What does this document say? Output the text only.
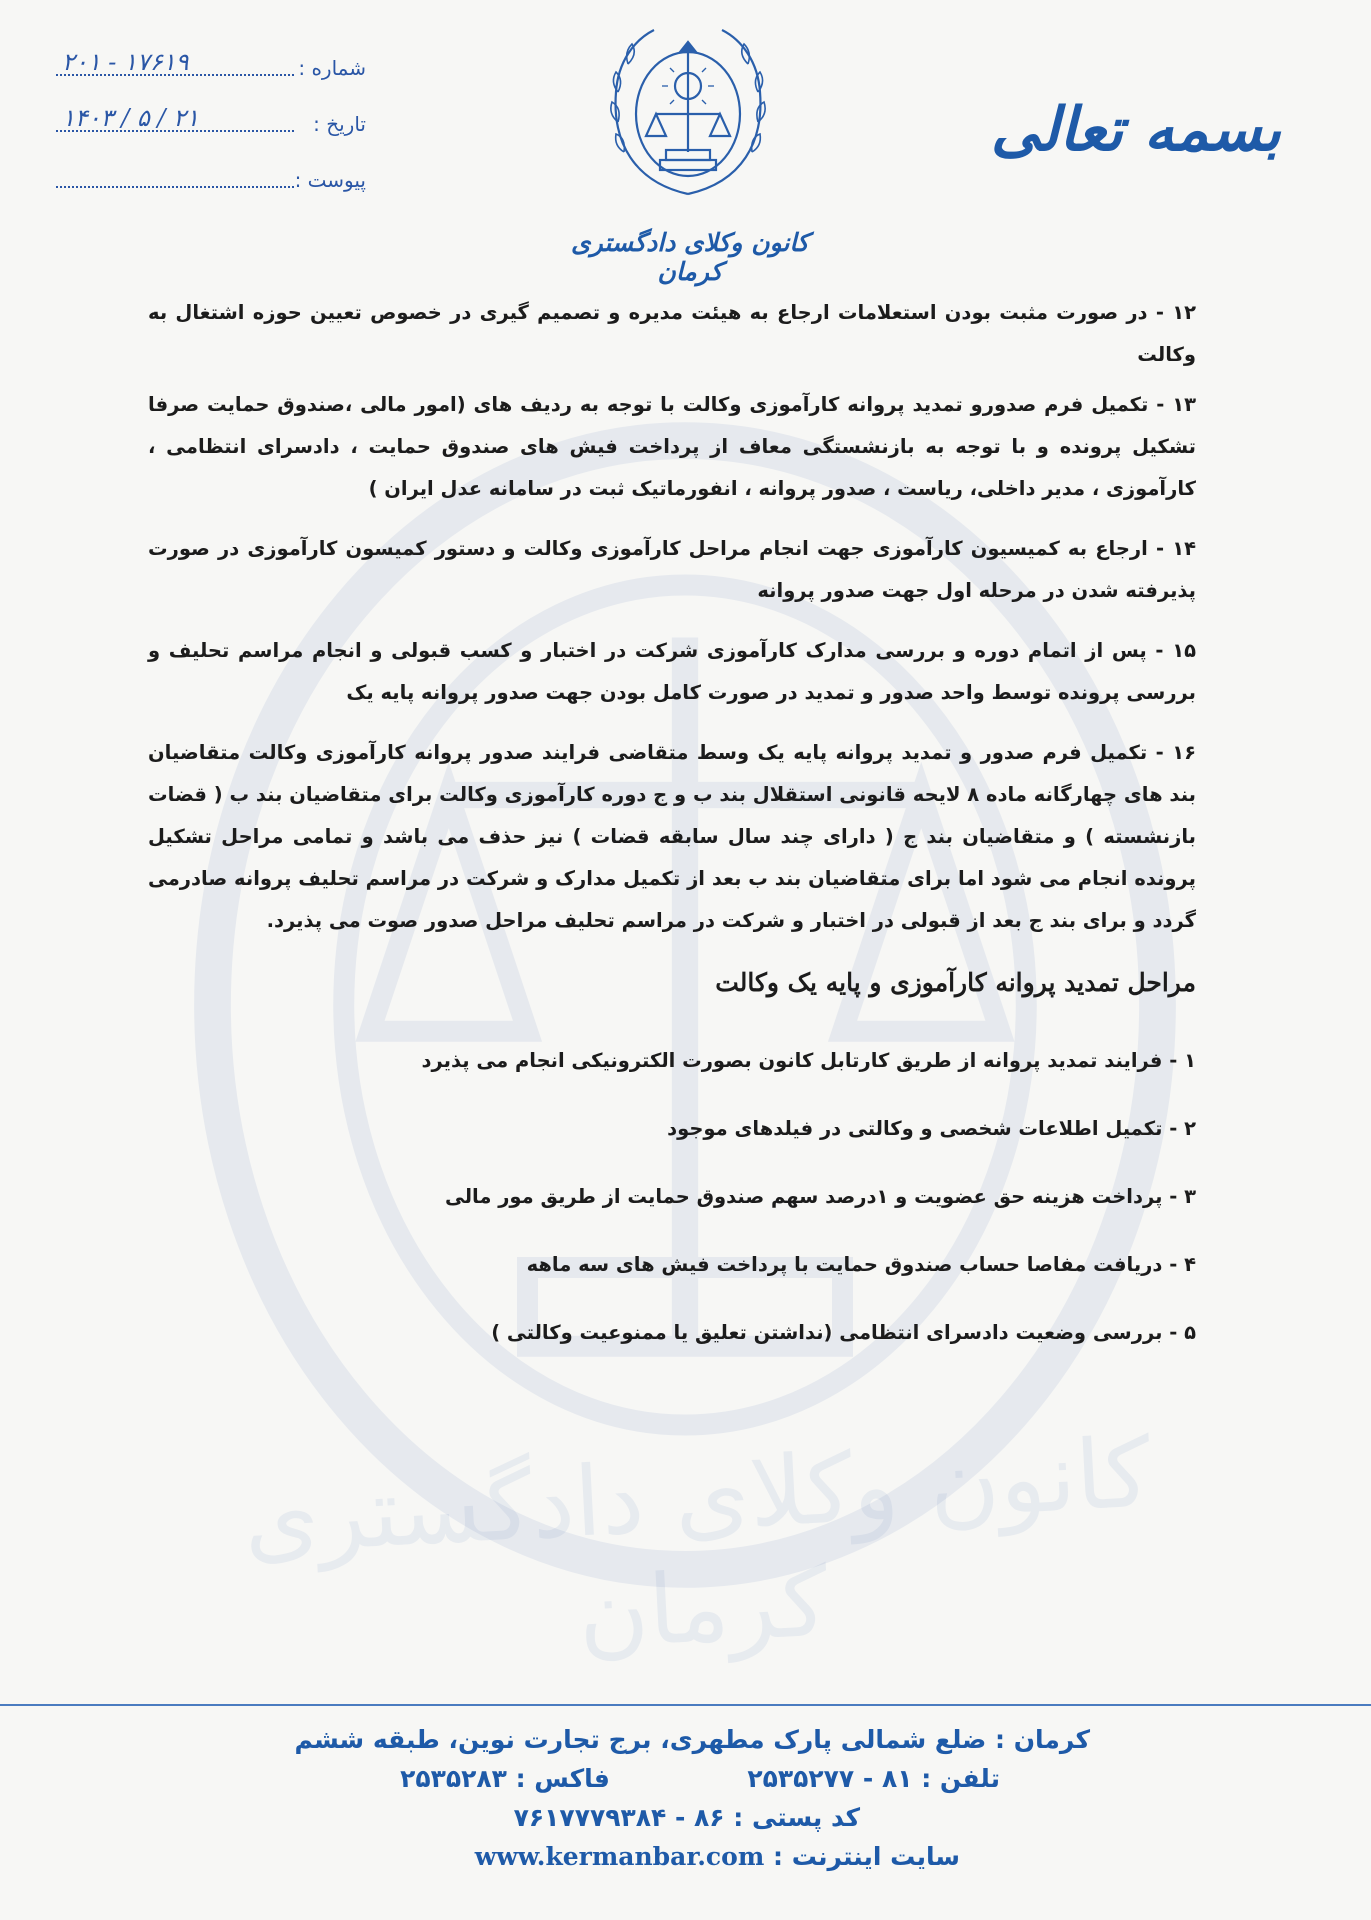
کانون وکلای دادگستری کرمان
بسمه تعالی
کانون وکلای دادگستری کرمان
شماره :
۲۰۱ - ۱۷۶۱۹
تاریخ :
۱۴۰۳ / ۵ / ۲۱
پیوست :

۱۲ - در صورت مثبت بودن استعلامات ارجاع به هیئت مدیره و تصمیم گیری در خصوص تعیین حوزه اشتغال به وکالت

۱۳ - تکمیل فرم صدورو تمدید پروانه کارآموزی وکالت با توجه به ردیف های (امور مالی ،صندوق حمایت صرفا تشکیل پرونده و با توجه به بازنشستگی معاف از پرداخت فیش های صندوق حمایت ، دادسرای انتظامی ، کارآموزی ، مدیر داخلی، ریاست ، صدور پروانه ، انفورماتیک ثبت در سامانه عدل ایران )

۱۴ - ارجاع به کمیسیون کارآموزی جهت انجام مراحل کارآموزی وکالت و دستور کمیسون کارآموزی در صورت پذیرفته شدن در مرحله اول جهت صدور پروانه

۱۵ - پس از اتمام دوره و بررسی مدارک کارآموزی شرکت در اختبار و کسب قبولی و انجام مراسم تحلیف و بررسی پرونده توسط واحد صدور و تمدید در صورت کامل بودن جهت صدور پروانه پایه یک

۱۶ - تکمیل فرم صدور و تمدید پروانه پایه یک وسط متقاضی فرایند صدور پروانه کارآموزی وکالت متقاضیان بند های چهارگانه ماده ۸ لایحه قانونی استقلال بند ب و ج دوره کارآموزی وکالت برای متقاضیان بند ب ( قضات بازنشسته ) و متقاضیان بند ج ( دارای چند سال سابقه قضات ) نیز حذف می باشد و تمامی مراحل تشکیل پرونده انجام می شود اما برای متقاضیان بند ب بعد از تکمیل مدارک و شرکت در مراسم تحلیف پروانه صادرمی گردد و برای بند ج بعد از قبولی در اختبار و شرکت در مراسم تحلیف مراحل صدور صوت می پذیرد.

مراحل تمدید پروانه کارآموزی و پایه یک وکالت
۱ - فرایند تمدید پروانه از طریق کارتابل کانون بصورت الکترونیکی انجام می پذیرد
۲ - تکمیل اطلاعات شخصی و وکالتی در فیلدهای موجود
۳ - پرداخت هزینه حق عضویت و ۱درصد سهم صندوق حمایت از طریق مور مالی
۴ - دریافت مفاصا حساب صندوق حمایت با پرداخت فیش های سه ماهه
۵ - بررسی وضعیت دادسرای انتظامی (نداشتن تعلیق یا ممنوعیت وکالتی )
کرمان : ضلع شمالی پارک مطهری، برج تجارت نوین، طبقه ششم
تلفن : ۸۱ - ۲۵۳۵۲۷۷  فاکس : ۲۵۳۵۲۸۳
کد پستی : ۸۶ - ۷۶۱۷۷۷۹۳۸۴
سایت اینترنت : www.kermanbar.com
